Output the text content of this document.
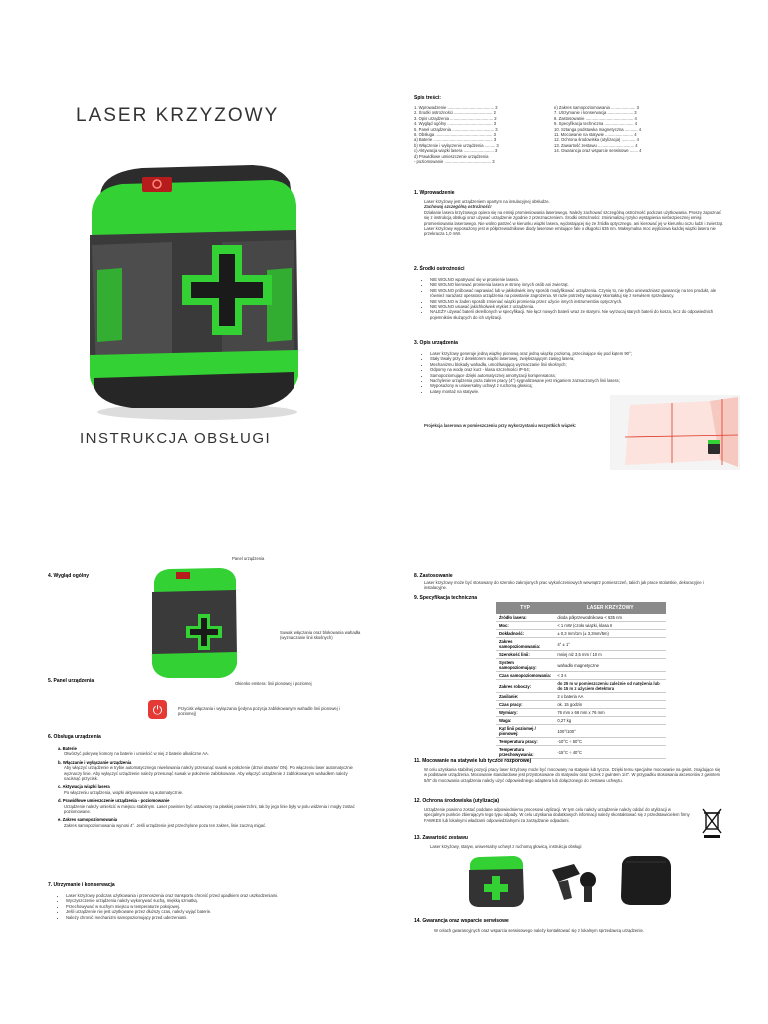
LASER KRZYZOWY
INSTRUKCJA OBSŁUGI
Spis treści:
1. Wprowadzenie ........................................ 2
2. Środki ostrożności ................................. 2
3. Opis urządzenia ..................................... 2
4. Wygląd ogólny ....................................... 3
5. Panel urządzenia .................................... 3
6. Obsługa ................................................. 3
a) Baterie ................................................... 3
b) Włączenie i wyłączenie urządzenia ......... 3
c) Aktywacja wiązki lasera .......................... 3
d) Prawidłowe umieszczenie urządzenia
- poziomowanie ........................................ 3
e) Zakres samopoziomowania ..................... 3
7. Utrzymanie i konserwacja ...................... 3
8. Zastosowanie ......................................... 4
9. Specyfikacja techniczna ......................... 4
10. Sztanga podstawka magnetyczna ........... 4
11. Mocowanie na statywie ........................ 4
12. Ochrona środowiska (utylizacja) ............ 4
13. Zawartość zestawu ............................... 4
14. Gwarancja oraz wsparcie serwisowe ....... 4
1. Wprowadzenie
Laser krzyżowy jest urządzeniem opartym na insulacyjnej obsłudze.
Zachowaj szczególną ostrożność!
Działanie lasera krzyżowego opiera się na emisji promieniowania laserowego. Należy zachować szczególną ostrożność podczas użytkowania. Proszę zapoznać się z instrukcją obsługi oraz używać urządzenie zgodnie z przeznaczeniem. Środki ostrożności: zminimalizuj ryzyko wystąpienia niebezpiecznej emisji promieniowania laserowego. Nie wolno patrzeć w kierunku wiązki lasera, wydostającej się ze źródła optycznego, ani kierować jej w kierunku oczu ludzi i zwierząt. Laser krzyżowy wyposażony jest w półprzewodnikowe diody laserowe emitujące fale o długości 635 nm. Maksymalna moc wyjściowa każdej wiązki lasera nie przekracza 1,0 mW.
2. Środki ostrożności
• NIE WOLNO wpatrywać się w promienie lasera.
• NIE WOLNO kierować promienia lasera w stronę innych osób ani zwierząt.
• NIE WOLNO próbować naprawiać lub w jakikolwiek inny sposób modyfikować urządzenia. Czynię to, nie tylko unieważniasz gwarancję na ten produkt, ale również narażasz operatora urządzenia na powstanie zagrożenia. W razie potrzeby naprawy skontaktuj się z serwisem sprzedawcy.
• NIE WOLNO w żaden sposób zmieniać wiązki promienia przez użycie innych instrumentów optycznych.
• NIE WOLNO usuwać jakichkolwiek etykiet z urządzenia.
• NALEŻY używać baterii określonych w specyfikacji. Nie łącz nowych baterii wraz ze starymi. Nie wyrzucaj starych baterii do kosza, lecz do odpowiednich pojemników służących do ich utylizacji.
3. Opis urządzenia
• Laser krzyżowy generuje jedną wiązkę pionową oraz jedną wiązkę poziomą, przecinające się pod kątem 90°;
• Stały trwały przy z detektorem wiązki laserowej, zwiększającym zasięg lasera;
• Mechanizmu blokady wahadła, umożliwiającą wyznaczanie linii skośnych;
• Odporny na wodę oraz kurz - klasa szczelności IP-54;
• Samopoziomujące dzięki automatycznej amortyzacji kompensatora;
• Nachylenie urządzenia poza zakres pracy (4°) sygnalizowane jest miganiem zaznaczonych linii lasera;
• Wyposażony w uniwersalny uchwyt z ruchomą głowicą;
• Łatwy montaż na statywie.
Projekcja laserowa w pomieszczeniu przy wykorzystaniu wszystkich wiązek:
4. Wygląd ogólny
Panel urządzenia
Suwak włączania oraz blokowania wahadła (wyznaczanie linii skośnych)
Okienko emitera: linii pionowej i poziomej
5. Panel urządzenia
⏻	Przycisk włączania i wyłączania (jedyna pozycja zablokowanym wahadle linii pionowej i poziomej)
6. Obsługa urządzenia
a. Baterie
Otwórzyć pokrywę komory na baterie i umieścić w niej 2 baterie alkaliczne AA.
b. Włączanie i wyłączanie urządzenia
Aby włączyć urządzenie w trybie automatycznego niwelowania należy przesunąć suwak w położenie (drzwi otwarte/ ON). Po włączeniu laser automatycznie wyznaczy linie. Aby wyłączyć urządzenie należy przesunąć suwak w położenie zablokowane. Aby włączyć urządzenie z zablokowanym wahadłem należy nacisnąć przycisk.
c. Aktywacja wiązki lasera
Po włączeniu urządzenia, wiązki aktywowane są automatycznie.
d. Prawidłowe umieszczenie urządzenia - poziomowanie
Urządzenie należy umieścić w miejscu stabilnym. Laser powinien być ustawiony na płaskiej powierzchni, tak by jego linie były w polu widzenia i mogły zostać poziomowane.
e. Zakres samopoziomowania
Zakres samopoziomowania wynosi 4°. Jeśli urządzenie jest przechylone poza ten zakres, linie zaczną migać.
7. Utrzymanie i konserwacja
• Laser krzyżowy podczas użytkowania i przenoszenia oraz transportu chronić przed upadkiem oraz uszkodzeniami.
• Wyczyszczenie urządzenia należy wykonywać suchą, miękką szmatką.
• Przechowywać w suchym miejscu w temperaturze pokojowej.
• Jeśli urządzenie nie jest użytkowane przez dłuższy czas, należy wyjąć baterie.
• Należy chronić mechanizm samopoziomujący przed uderzeniami.
8. Zastosowanie
Laser krzyżowy może być stosowany do szeroko zakrojonych prac wykończeniowych wewnątrz pomieszczeń, takich jak prace stolarskie, dekoracyjne i instalacyjne.
9. Specyfikacja techniczna
TYP	LASER KRZYŻOWY
Źródło lasera:	dioda półprzewodnikowa < 635 nm
Moc:	< 1 mW (czoło wiązki, klasa II
Dokładność:	± 0,3 mm/1m (± 3,3mm/5m)
Zakres samopoziomowania:	4° ± 1°
Szerokość linii:	mniej niż 3,5 mm / 10 m
System samopoziomujący:	wahadło magnetyczne
Czas samopoziomowania:	< 3 s
Zakres roboczy:	do 25 m w pomieszczeniu zależnie od natężenia lub do 15 m z użyciem detektora
Zasilanie:	2 x bateria AA
Czas pracy:	ok. 15 godzin
Wymiary:	76 mm x 66 mm x 76 mm
Waga:	0,27 kg
Kąt linii poziomej / pionowej:	100°/100°
Temperatura pracy:	-10°C ÷ 50°C
Temperatura przechowywania:	-15°C ÷ 40°C
11. Mocowanie na statywie lub tyczce rozporowej
W celu uzyskania stabilnej pozycji pracy laser krzyżowy może być mocowany na statywie lub tyczce. Dzięki temu specjalne mocowanie na gwint, znajdujące się w podstawie urządzenia. Mocowanie standardowe jest przystosowane do statywów oraz tyczek z gwintem 1/4". W przypadku stosowania akcesoriów z gwintem 5/8" do mocowania urządzenia należy użyć odpowiedniego adaptera lub dołączonego do zestawu uchwytu.
12. Ochrona środowiska (utylizacja)
Urządzenie powinno zostać poddane odpowiedniemu procesowi utylizacji. W tym celu należy urządzenie należy oddać do utylizacji w specjalnym punkcie zbierającym tego typu odpady. W celu uzyskania dodatkowych informacji należy skontaktować się z przedstawicielem firmy FAWKES lub lokalnymi władzami odpowiedzialnymi za zarządzanie odpadami.
13. Zawartość zestawu
Laser krzyżowy, statyw, uniwersalny uchwyt z ruchomą głowicą, instrukcja obsługi
14. Gwarancja oraz wsparcie serwisowe
W celach gwarancyjnych oraz wsparcia serwisowego należy kontaktować się z lokalnym sprzedawcą urządzenie.
